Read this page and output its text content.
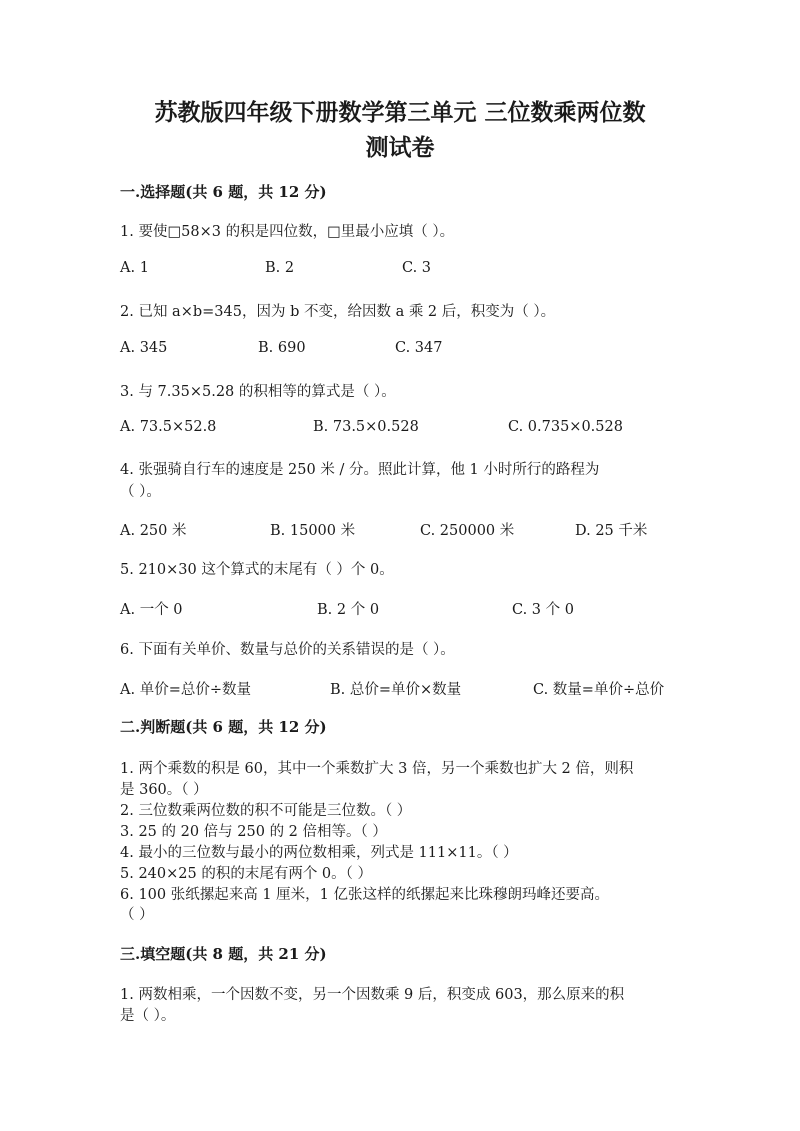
苏教版四年级下册数学第三单元 三位数乘两位数
测试卷
一.选择题(共 6 题，共 12 分)
1. 要使□58×3 的积是四位数，□里最小应填（ ）。
A. 1	B. 2	C. 3
2. 已知 a×b=345，因为 b 不变，给因数 a 乘 2 后，积变为（ ）。
A. 345	B. 690	C. 347
3. 与 7.35×5.28 的积相等的算式是（ ）。
A. 73.5×52.8	B. 73.5×0.528	C. 0.735×0.528
4. 张强骑自行车的速度是 250 米 / 分。照此计算，他 1 小时所行的路程为
（ ）。
A. 250 米	B. 15000 米	C. 250000 米	D. 25 千米
5. 210×30 这个算式的末尾有（ ）个 0。
A. 一个 0	B. 2 个 0	C. 3 个 0
6. 下面有关单价、数量与总价的关系错误的是（ ）。
A. 单价=总价÷数量	B. 总价=单价×数量	C. 数量=单价÷总价
二.判断题(共 6 题，共 12 分)
1. 两个乘数的积是 60，其中一个乘数扩大 3 倍，另一个乘数也扩大 2 倍，则积
是 360。（ ）
2. 三位数乘两位数的积不可能是三位数。（ ）
3. 25 的 20 倍与 250 的 2 倍相等。（ ）
4. 最小的三位数与最小的两位数相乘，列式是 111×11。（ ）
5. 240×25 的积的末尾有两个 0。（ ）
6. 100 张纸摞起来高 1 厘米，1 亿张这样的纸摞起来比珠穆朗玛峰还要高。
（ ）
三.填空题(共 8 题，共 21 分)
1. 两数相乘，一个因数不变，另一个因数乘 9 后，积变成 603，那么原来的积
是（ ）。
